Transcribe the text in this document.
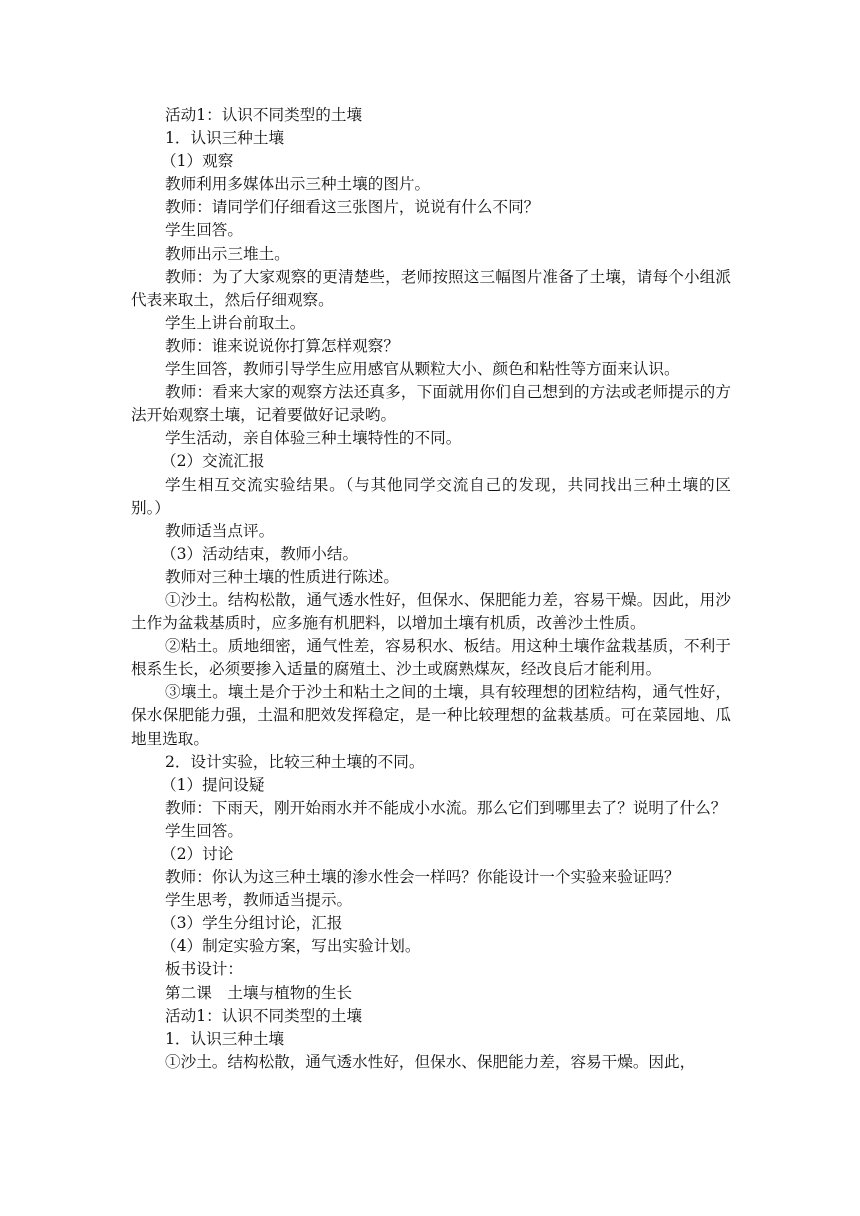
活动1：认识不同类型的土壤

1．认识三种土壤

（1）观察

教师利用多媒体出示三种土壤的图片。

教师：请同学们仔细看这三张图片，说说有什么不同？

学生回答。

教师出示三堆土。

教师：为了大家观察的更清楚些，老师按照这三幅图片准备了土壤，请每个小组派代表来取土，然后仔细观察。

学生上讲台前取土。

教师：谁来说说你打算怎样观察？

学生回答，教师引导学生应用感官从颗粒大小、颜色和粘性等方面来认识。

教师：看来大家的观察方法还真多，下面就用你们自己想到的方法或老师提示的方法开始观察土壤，记着要做好记录哟。

学生活动，亲自体验三种土壤特性的不同。

（2）交流汇报

学生相互交流实验结果。（与其他同学交流自己的发现，共同找出三种土壤的区别。）

教师适当点评。

（3）活动结束，教师小结。

教师对三种土壤的性质进行陈述。

①沙土。结构松散，通气透水性好，但保水、保肥能力差，容易干燥。因此，用沙土作为盆栽基质时，应多施有机肥料，以增加土壤有机质，改善沙土性质。

②粘土。质地细密，通气性差，容易积水、板结。用这种土壤作盆栽基质，不利于根系生长，必须要掺入适量的腐殖土、沙土或腐熟煤灰，经改良后才能利用。

③壤土。壤土是介于沙土和粘土之间的土壤，具有较理想的团粒结构，通气性好，保水保肥能力强，土温和肥效发挥稳定，是一种比较理想的盆栽基质。可在菜园地、瓜地里选取。

2．设计实验，比较三种土壤的不同。

（1）提问设疑

教师：下雨天，刚开始雨水并不能成小水流。那么它们到哪里去了？说明了什么？

学生回答。

（2）讨论

教师：你认为这三种土壤的渗水性会一样吗？你能设计一个实验来验证吗？

学生思考，教师适当提示。

（3）学生分组讨论，汇报

（4）制定实验方案，写出实验计划。

板书设计：

第二课　土壤与植物的生长

活动1：认识不同类型的土壤

1．认识三种土壤

①沙土。结构松散，通气透水性好，但保水、保肥能力差，容易干燥。因此，
